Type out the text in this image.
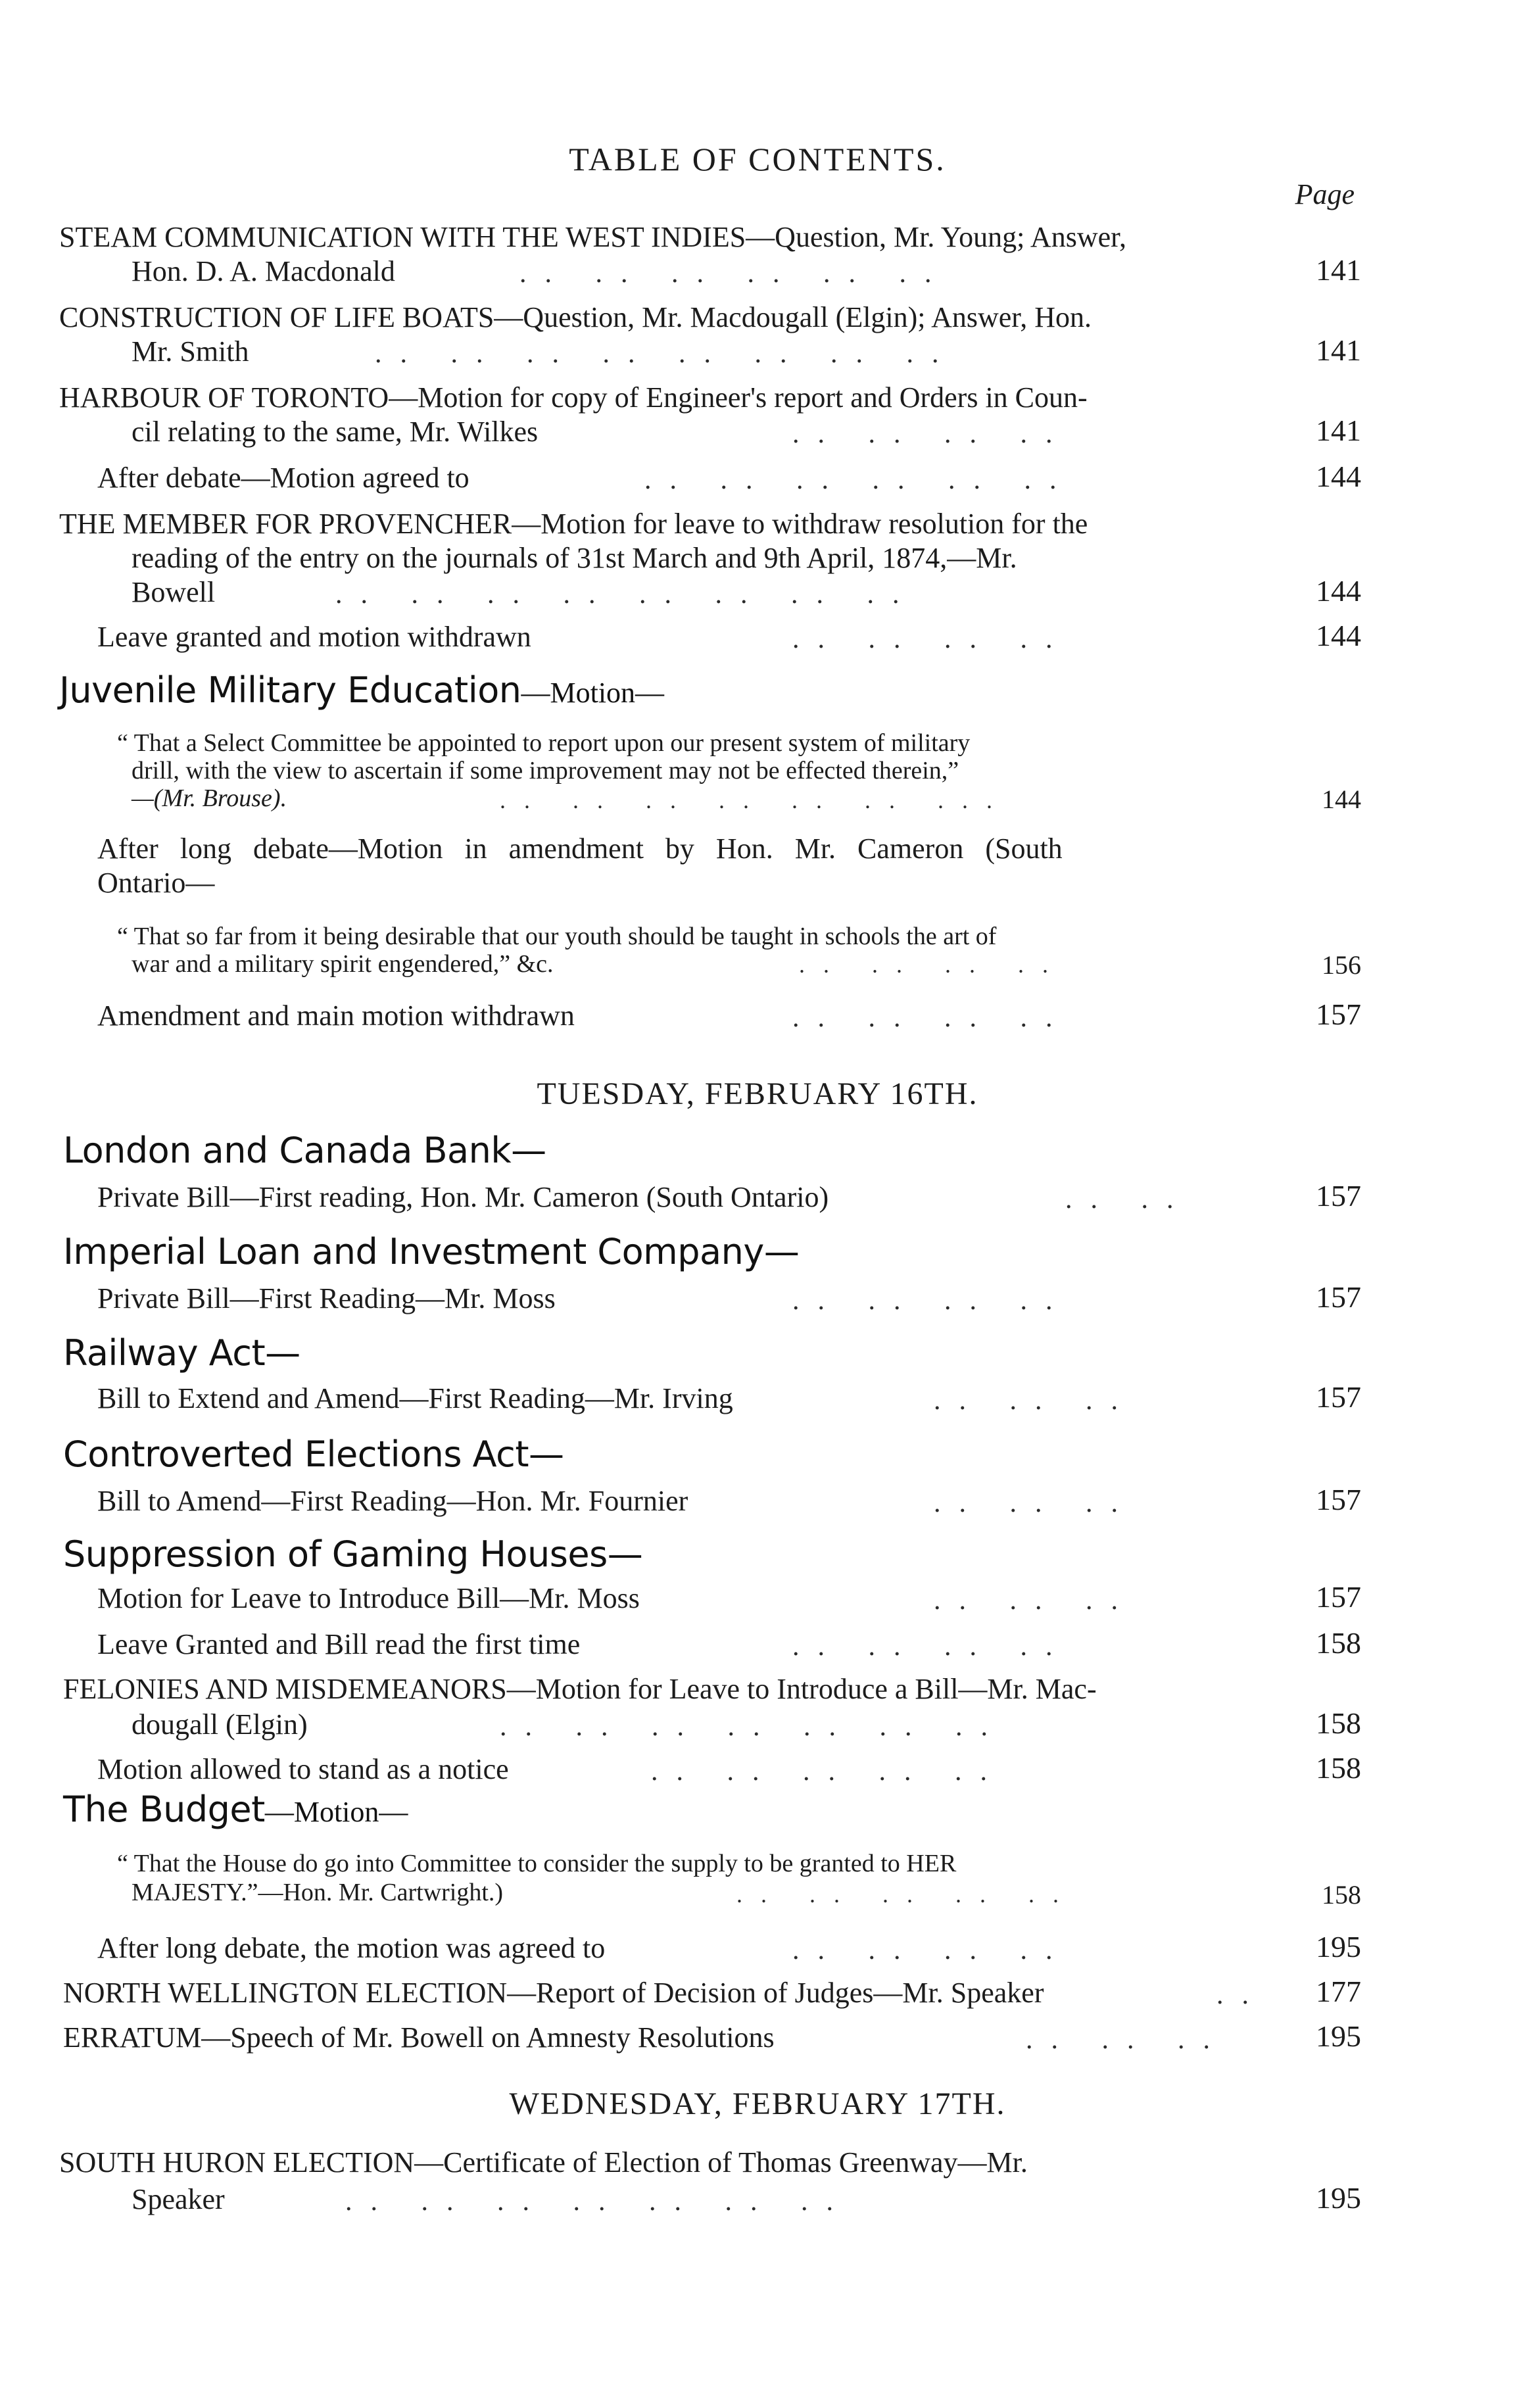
TABLE OF CONTENTS.
Page
STEAM COMMUNICATION WITH THE WEST INDIES—Question, Mr. Young; Answer,
Hon. D. A. Macdonald	.. .. .. .. .. ..	141
CONSTRUCTION OF LIFE BOATS—Question, Mr. Macdougall (Elgin); Answer, Hon.
Mr. Smith	.. .. .. .. .. .. .. ..	141
HARBOUR OF TORONTO—Motion for copy of Engineer's report and Orders in Coun-
cil relating to the same, Mr. Wilkes	.. .. .. ..	141
After debate—Motion agreed to	.. .. .. .. .. ..	144
THE MEMBER FOR PROVENCHER—Motion for leave to withdraw resolution for the
reading of the entry on the journals of 31st March and 9th April, 1874,—Mr.
Bowell	.. .. .. .. .. .. .. ..	144
Leave granted and motion withdrawn	.. .. .. ..	144
Juvenile Military Education—Motion—
“ That a Select Committee be appointed to report upon our present system of military
drill, with the view to ascertain if some improvement may not be effected therein,”
—(Mr. Brouse).	.. .. .. .. .. .. ...	144
After long debate—Motion in amendment by Hon. Mr. Cameron (South
Ontario—
“ That so far from it being desirable that our youth should be taught in schools the art of
war and a military spirit engendered,” &c.	.. .. .. ..	156
Amendment and main motion withdrawn	.. .. .. ..	157
TUESDAY, FEBRUARY 16TH.
London and Canada Bank—
Private Bill—First reading, Hon. Mr. Cameron (South Ontario)	.. ..	157
Imperial Loan and Investment Company—
Private Bill—First Reading—Mr. Moss	.. .. .. ..	157
Railway Act—
Bill to Extend and Amend—First Reading—Mr. Irving	.. .. ..	157
Controverted Elections Act—
Bill to Amend—First Reading—Hon. Mr. Fournier	.. .. ..	157
Suppression of Gaming Houses—
Motion for Leave to Introduce Bill—Mr. Moss	.. .. ..	157
Leave Granted and Bill read the first time	.. .. .. ..	158
FELONIES AND MISDEMEANORS—Motion for Leave to Introduce a Bill—Mr. Mac-
dougall (Elgin)	.. .. .. .. .. .. ..	158
Motion allowed to stand as a notice	.. .. .. .. ..	158
The Budget—Motion—
“ That the House do go into Committee to consider the supply to be granted to HER
MAJESTY.”—Hon. Mr. Cartwright.)	.. .. .. .. ..	158
After long debate, the motion was agreed to	.. .. .. ..	195
NORTH WELLINGTON ELECTION—Report of Decision of Judges—Mr. Speaker	..	177
ERRATUM—Speech of Mr. Bowell on Amnesty Resolutions	.. .. ..	195
WEDNESDAY, FEBRUARY 17TH.
SOUTH HURON ELECTION—Certificate of Election of Thomas Greenway—Mr.
Speaker	.. .. .. .. .. .. ..	195
